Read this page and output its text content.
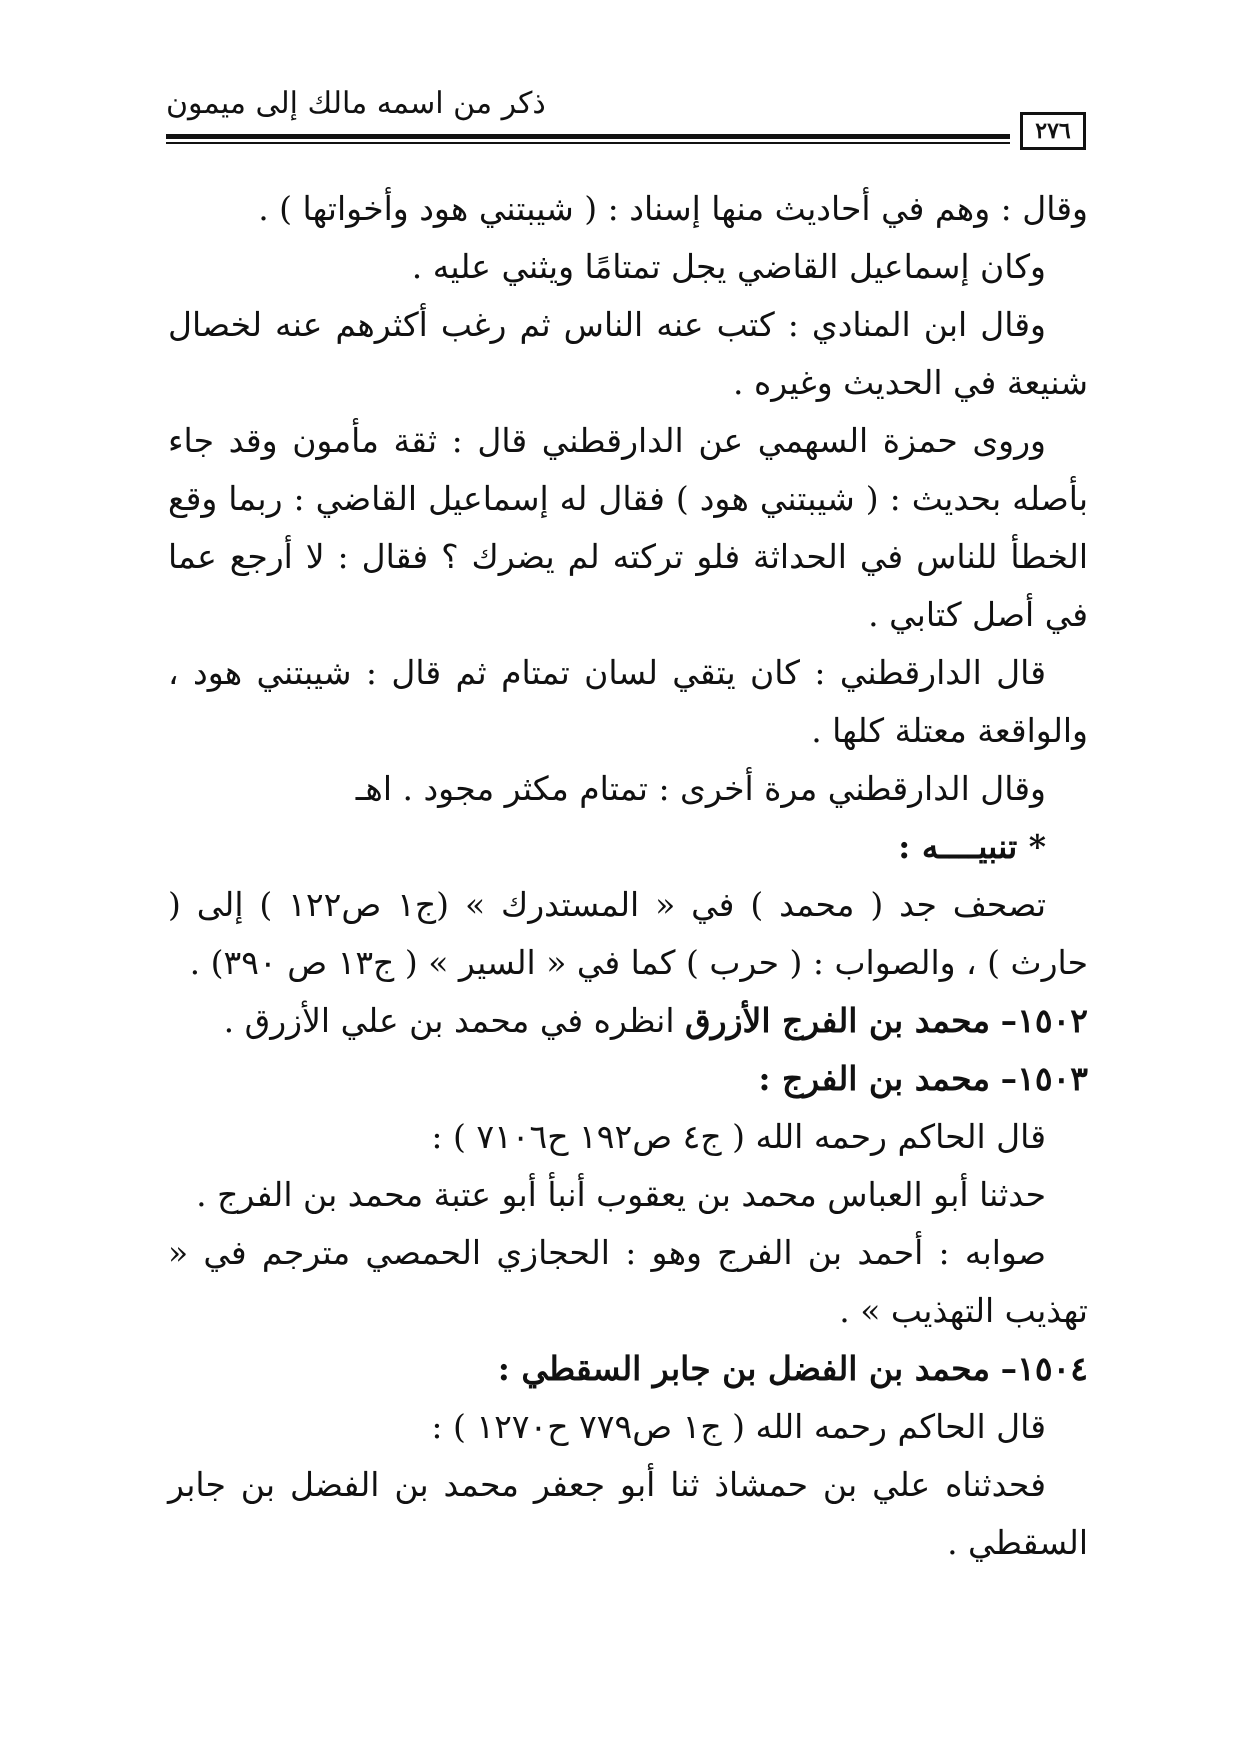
ذكر من اسمه مالك إلى ميمون
٢٧٦

وقال : وهم في أحاديث منها إسناد : ( شيبتني هود وأخواتها ) .

وكان إسماعيل القاضي يجل تمتامًا ويثني عليه .

وقال ابن المنادي : كتب عنه الناس ثم رغب أكثرهم عنه لخصال شنيعة في الحديث وغيره .

وروى حمزة السهمي عن الدارقطني قال : ثقة مأمون وقد جاء بأصله بحديث : ( شيبتني هود ) فقال له إسماعيل القاضي : ربما وقع الخطأ للناس في الحداثة فلو تركته لم يضرك ؟ فقال : لا أرجع عما في أصل كتابي .

قال الدارقطني : كان يتقي لسان تمتام ثم قال : شيبتني هود ، والواقعة معتلة كلها .

وقال الدارقطني مرة أخرى : تمتام مكثر مجود . اهـ

* تنبيــــه :

تصحف جد ( محمد ) في « المستدرك » (ج١ ص١٢٢ ) إلى ( حارث ) ، والصواب : ( حرب ) كما في « السير » ( ج١٣ ص ٣٩٠) .

١٥٠٢– محمد بن الفرج الأزرق انظره في محمد بن علي الأزرق .

١٥٠٣– محمد بن الفرج :

قال الحاكم رحمه الله ( ج٤ ص١٩٢ ح٧١٠٦ ) :

حدثنا أبو العباس محمد بن يعقوب أنبأ أبو عتبة محمد بن الفرج .

صوابه : أحمد بن الفرج وهو : الحجازي الحمصي مترجم في « تهذيب التهذيب » .

١٥٠٤– محمد بن الفضل بن جابر السقطي :

قال الحاكم رحمه الله ( ج١ ص٧٧٩ ح١٢٧٠ ) :

فحدثناه علي بن حمشاذ ثنا أبو جعفر محمد بن الفضل بن جابر السقطي .
